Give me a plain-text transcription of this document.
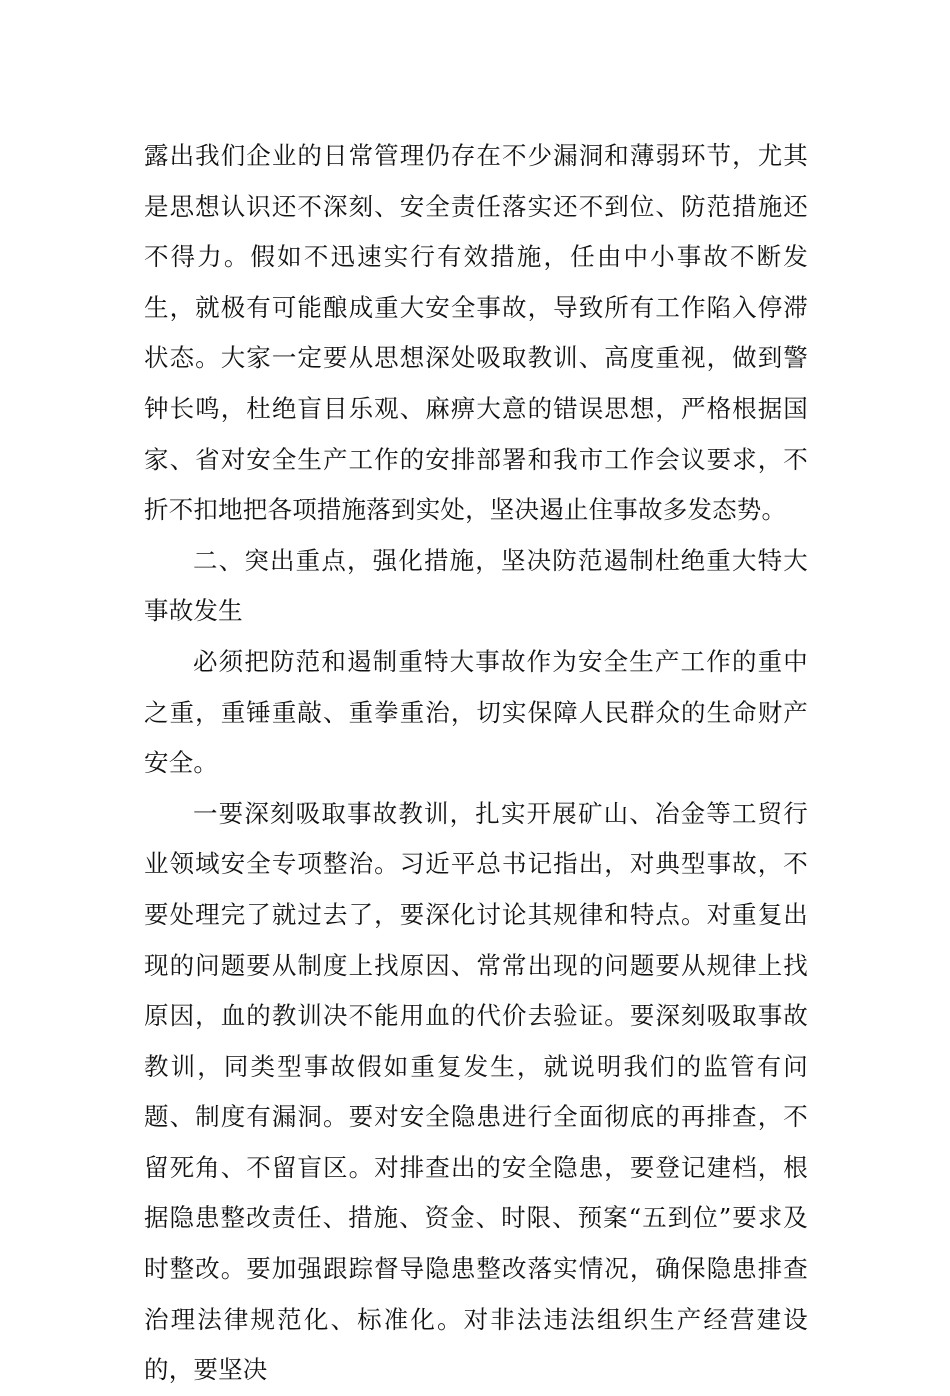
露出我们企业的日常管理仍存在不少漏洞和薄弱环节，尤其是思想认识还不深刻、安全责任落实还不到位、防范措施还不得力。假如不迅速实行有效措施，任由中小事故不断发生，就极有可能酿成重大安全事故，导致所有工作陷入停滞状态。大家一定要从思想深处吸取教训、高度重视，做到警钟长鸣，杜绝盲目乐观、麻痹大意的错误思想，严格根据国家、省对安全生产工作的安排部署和我市工作会议要求，不折不扣地把各项措施落到实处，坚决遏止住事故多发态势。

二、突出重点，强化措施，坚决防范遏制杜绝重大特大事故发生

必须把防范和遏制重特大事故作为安全生产工作的重中之重，重锤重敲、重拳重治，切实保障人民群众的生命财产安全。

一要深刻吸取事故教训，扎实开展矿山、冶金等工贸行业领域安全专项整治。习近平总书记指出，对典型事故，不要处理完了就过去了，要深化讨论其规律和特点。对重复出现的问题要从制度上找原因、常常出现的问题要从规律上找原因，血的教训决不能用血的代价去验证。要深刻吸取事故教训，同类型事故假如重复发生，就说明我们的监管有问题、制度有漏洞。要对安全隐患进行全面彻底的再排查，不留死角、不留盲区。对排查出的安全隐患，要登记建档，根据隐患整改责任、措施、资金、时限、预案“五到位”要求及时整改。要加强跟踪督导隐患整改落实情况，确保隐患排查治理法律规范化、标准化。对非法违法组织生产经营建设的，要坚决
